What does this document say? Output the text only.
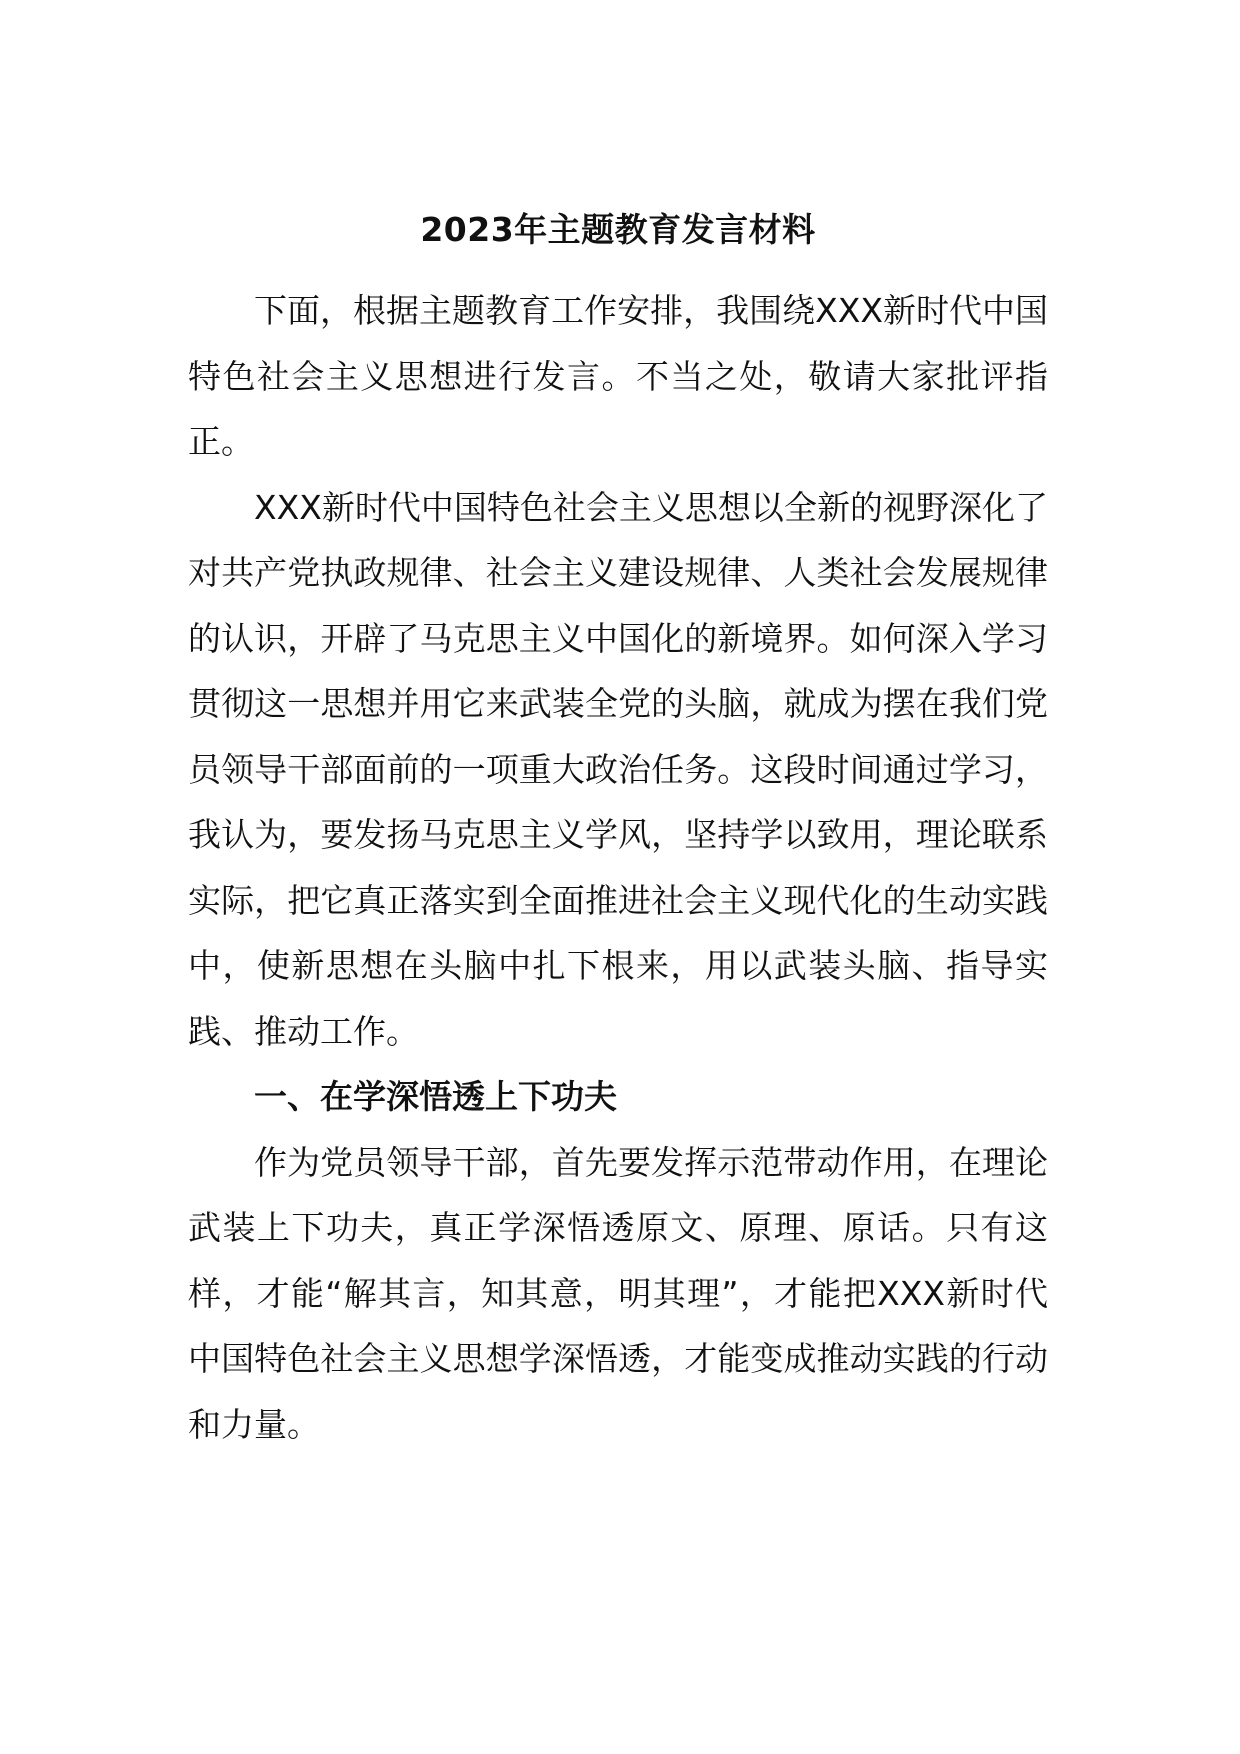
2023年主题教育发言材料

下面，根据主题教育工作安排，我围绕XXX新时代中国特色社会主义思想进行发言。不当之处，敬请大家批评指正。

XXX新时代中国特色社会主义思想以全新的视野深化了对共产党执政规律、社会主义建设规律、人类社会发展规律的认识，开辟了马克思主义中国化的新境界。如何深入学习贯彻这一思想并用它来武装全党的头脑，就成为摆在我们党员领导干部面前的一项重大政治任务。这段时间通过学习，我认为，要发扬马克思主义学风，坚持学以致用，理论联系实际，把它真正落实到全面推进社会主义现代化的生动实践中，使新思想在头脑中扎下根来，用以武装头脑、指导实践、推动工作。

一、在学深悟透上下功夫

作为党员领导干部，首先要发挥示范带动作用，在理论武装上下功夫，真正学深悟透原文、原理、原话。只有这样，才能“解其言，知其意，明其理”，才能把XXX新时代中国特色社会主义思想学深悟透，才能变成推动实践的行动和力量。
